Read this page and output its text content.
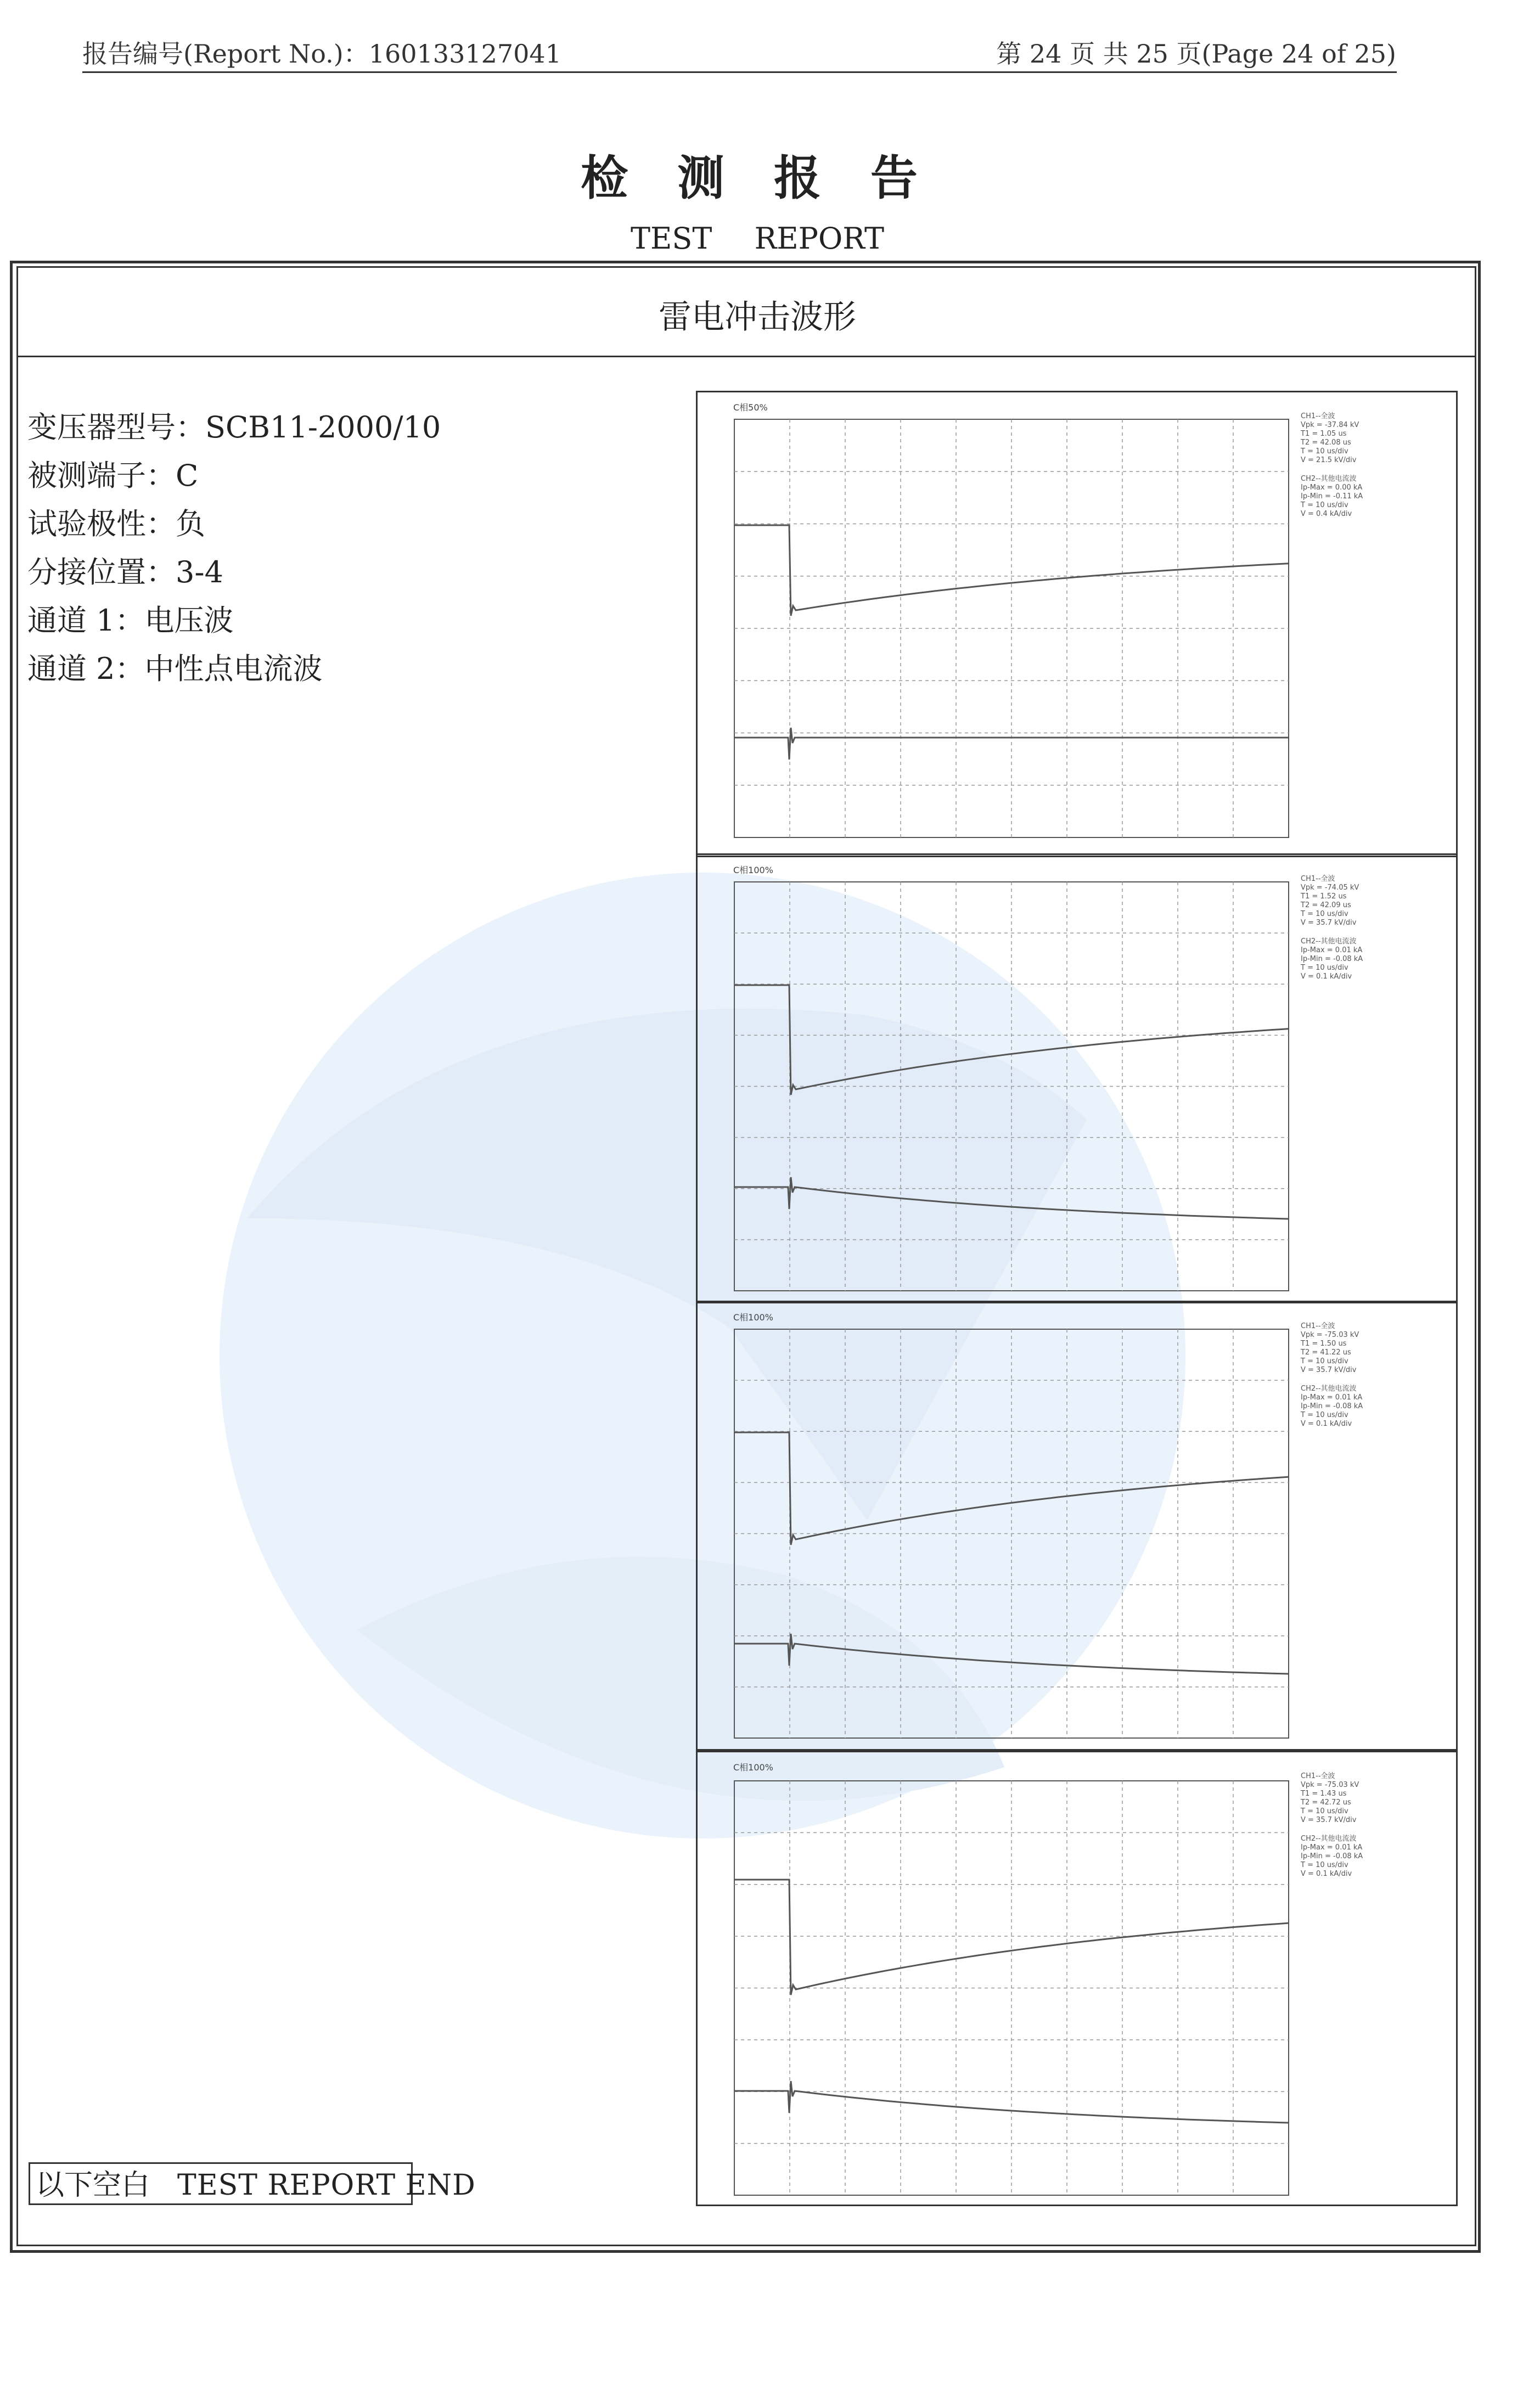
报告编号(Report No.)：160133127041	第 24 页 共 25 页(Page 24 of 25)
检 测 报 告
TEST REPORT
雷电冲击波形
变压器型号：SCB11-2000/10
被测端子：C
试验极性：负
分接位置：3-4
通道 1：电压波
通道 2：中性点电流波
C相50%
CH1--全波
Vpk = -37.84 kV
T1 = 1.05 us
T2 = 42.08 us
T = 10 us/div
V = 21.5 kV/div
CH2--其他电流波
Ip-Max = 0.00 kA
Ip-Min = -0.11 kA
T = 10 us/div
V = 0.4 kA/div
C相100%
CH1--全波
Vpk = -74.05 kV
T1 = 1.52 us
T2 = 42.09 us
T = 10 us/div
V = 35.7 kV/div
CH2--其他电流波
Ip-Max = 0.01 kA
Ip-Min = -0.08 kA
T = 10 us/div
V = 0.1 kA/div
C相100%
CH1--全波
Vpk = -75.03 kV
T1 = 1.50 us
T2 = 41.22 us
T = 10 us/div
V = 35.7 kV/div
CH2--其他电流波
Ip-Max = 0.01 kA
Ip-Min = -0.08 kA
T = 10 us/div
V = 0.1 kA/div
C相100%
CH1--全波
Vpk = -75.03 kV
T1 = 1.43 us
T2 = 42.72 us
T = 10 us/div
V = 35.7 kV/div
CH2--其他电流波
Ip-Max = 0.01 kA
Ip-Min = -0.08 kA
T = 10 us/div
V = 0.1 kA/div
以下空白 TEST REPORT END
